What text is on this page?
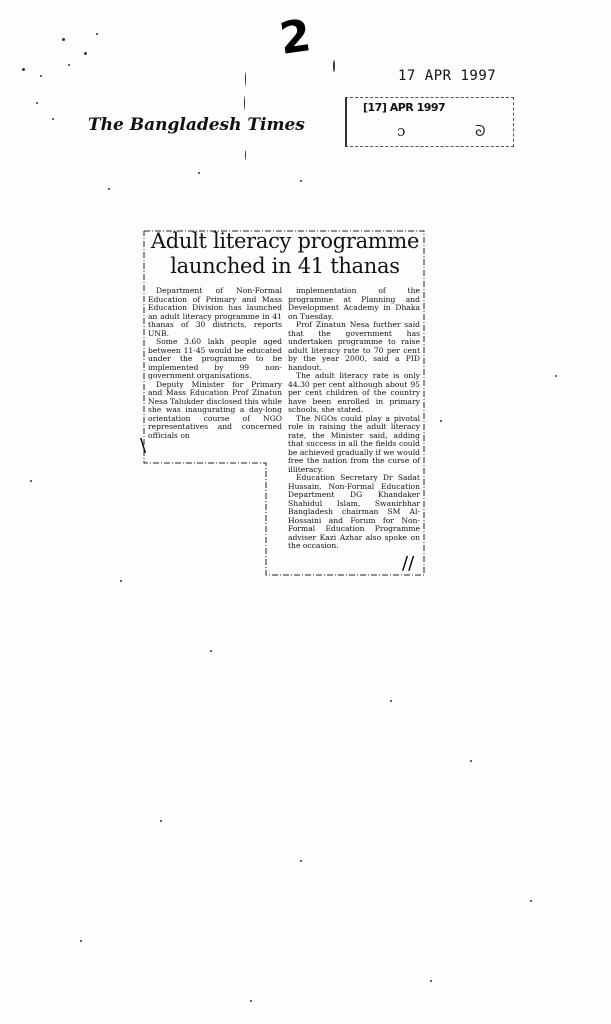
2
17 APR 1997
The Bangladesh Times
[17] APR 1997
ɔ	ᘐ
Adult literacy programme
launched in 41 thanas

Department of Non-Formal Education of Primary and Mass Education Division has launched an adult literacy programme in 41 thanas of 30 districts, reports UNB.

Some 3.60 lakh people aged between 11-45 would be educated under the programme to be implemented by 99 non-government organisations.

Deputy Minister for Primary and Mass Education Prof Zinatun Nesa Talukder disclosed this while she was inaugurating a day-long orientation course of NGO representatives and concerned officials on

implementation of the programme at Planning and Development Academy in Dhaka on Tuesday.

Prof Zinatun Nesa further said that the government has undertaken programme to raise adult literacy rate to 70 per cent by the year 2000, said a PID handout.

The adult literacy rate is only 44.30 per cent although about 95 per cent children of the country have been enrolled in primary schools, she stated.

The NGOs could play a pivotal role in raising the adult literacy rate, the Minister said, adding that success in all the fields could be achieved gradually if we would free the nation from the curse of illiteracy.

Education Secretary Dr Sadat Hussain, Non-Formal Education Department DG Khandaker Shahidul Islam, Swanirbhar Bangladesh chairman SM Al-Hossaini and Forum for Non-Formal Education Programme adviser Kazi Azhar also spoke on the occasion.

\
//
